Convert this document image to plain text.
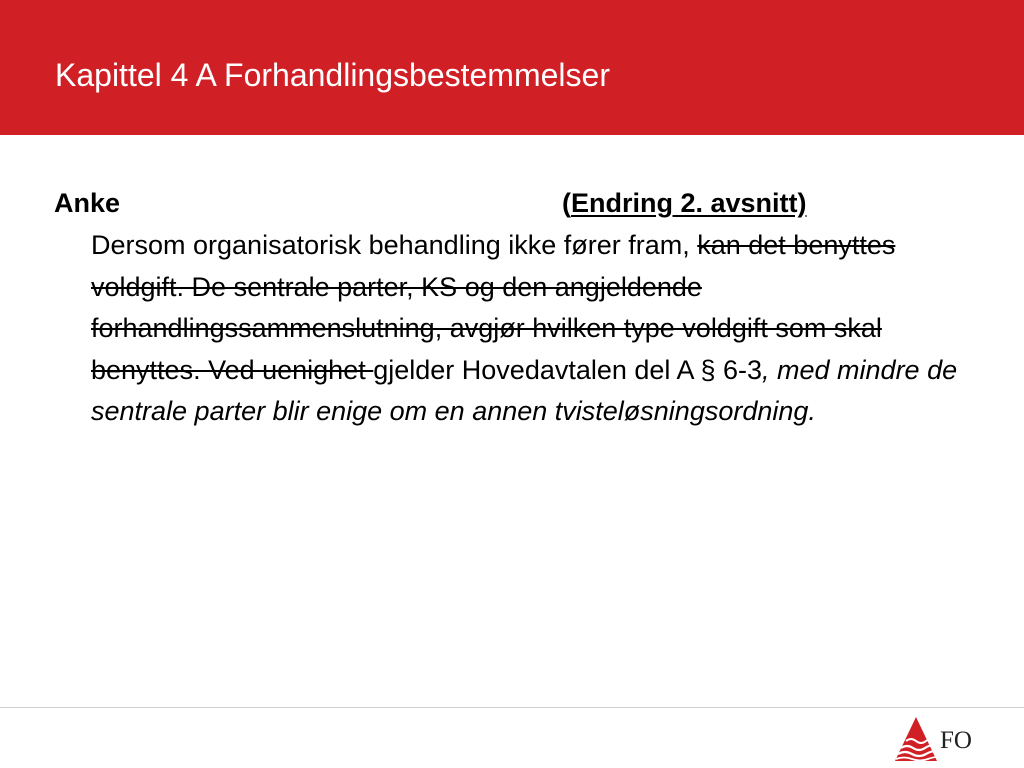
Kapittel 4 A Forhandlingsbestemmelser
Anke	(Endring 2. avsnitt)

Dersom organisatorisk behandling ikke fører fram, kan det benyttes voldgift. De sentrale parter, KS og den angjeldende forhandlingssammenslutning, avgjør hvilken type voldgift som skal benyttes. Ved uenighet gjelder Hovedavtalen del A § 6-3, med mindre de sentrale parter blir enige om en annen tvisteløsningsordning.

FO
